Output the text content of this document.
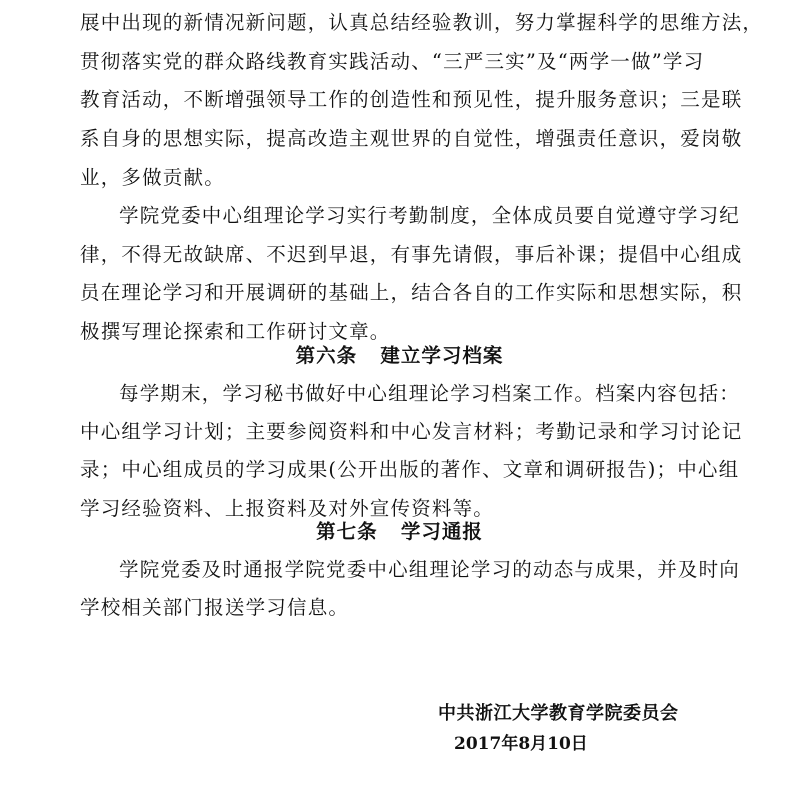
展中出现的新情况新问题，认真总结经验教训，努力掌握科学的思维方法，
贯彻落实党的群众路线教育实践活动、“三严三实”及“两学一做”学习
教育活动，不断增强领导工作的创造性和预见性，提升服务意识；三是联
系自身的思想实际，提高改造主观世界的自觉性，增强责任意识，爱岗敬
业，多做贡献。
学院党委中心组理论学习实行考勤制度，全体成员要自觉遵守学习纪
律，不得无故缺席、不迟到早退，有事先请假，事后补课；提倡中心组成
员在理论学习和开展调研的基础上，结合各自的工作实际和思想实际，积
极撰写理论探索和工作研讨文章。
第六条   建立学习档案
每学期末，学习秘书做好中心组理论学习档案工作。档案内容包括：
中心组学习计划；主要参阅资料和中心发言材料；考勤记录和学习讨论记
录；中心组成员的学习成果(公开出版的著作、文章和调研报告)；中心组
学习经验资料、上报资料及对外宣传资料等。
第七条   学习通报
学院党委及时通报学院党委中心组理论学习的动态与成果，并及时向
学校相关部门报送学习信息。
中共浙江大学教育学院委员会
2017年8月10日
